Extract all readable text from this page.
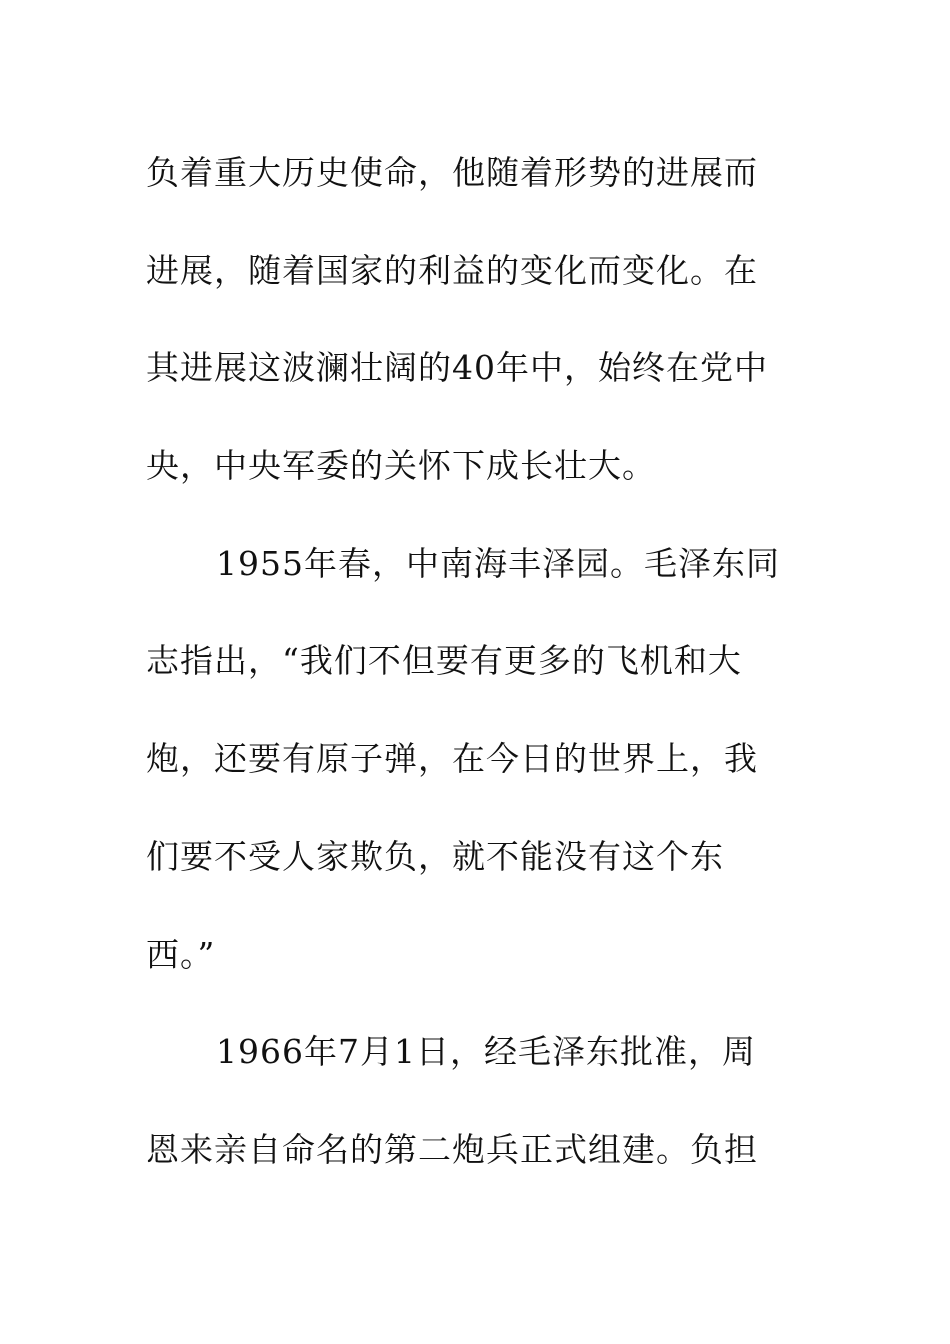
负着重大历史使命，他随着形势的进展而
进展，随着国家的利益的变化而变化。在
其进展这波澜壮阔的40年中，始终在党中
央，中央军委的关怀下成长壮大。
1955年春，中南海丰泽园。毛泽东同
志指出，“我们不但要有更多的飞机和大
炮，还要有原子弹，在今日的世界上，我
们要不受人家欺负，就不能没有这个东
西。”
1966年7月1日，经毛泽东批准，周
恩来亲自命名的第二炮兵正式组建。负担
